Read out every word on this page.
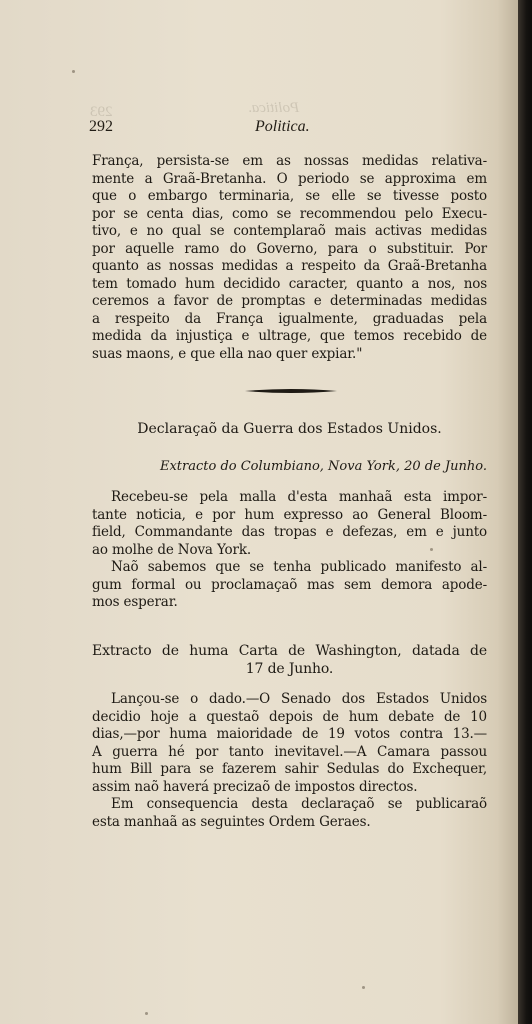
293	Politica.
292	Politica.
França, persista-se em as nossas medidas relativa-
mente a Graã-Bretanha. O periodo se approxima em
que o embargo terminaria, se elle se tivesse posto
por se centa dias, como se recommendou pelo Execu-
tivo, e no qual se contemplaraõ mais activas medidas
por aquelle ramo do Governo, para o substituir. Por
quanto as nossas medidas a respeito da Graã-Bretanha
tem tomado hum decidido caracter, quanto a nos, nos
ceremos a favor de promptas e determinadas medidas
a respeito da França igualmente, graduadas pela
medida da injustiça e ultrage, que temos recebido de
suas maons, e que ella nao quer expiar."
Declaraçaõ da Guerra dos Estados Unidos.
Extracto do Columbiano, Nova York, 20 de Junho.
Recebeu-se pela malla d'esta manhaã esta impor-
tante noticia, e por hum expresso ao General Bloom-
field, Commandante das tropas e defezas, em e junto
ao molhe de Nova York.
Naõ sabemos que se tenha publicado manifesto al-
gum formal ou proclamaçaõ mas sem demora apode-
mos esperar.
Extracto de huma Carta de Washington, datada de
17 de Junho.
Lançou-se o dado.—O Senado dos Estados Unidos
decidio hoje a questaõ depois de hum debate de 10
dias,—por huma maioridade de 19 votos contra 13.—
A guerra hé por tanto inevitavel.—A Camara passou
hum Bill para se fazerem sahir Sedulas do Exchequer,
assim naõ haverá precizaõ de impostos directos.
Em consequencia desta declaraçaõ se publicaraõ
esta manhaã as seguintes Ordem Geraes.
